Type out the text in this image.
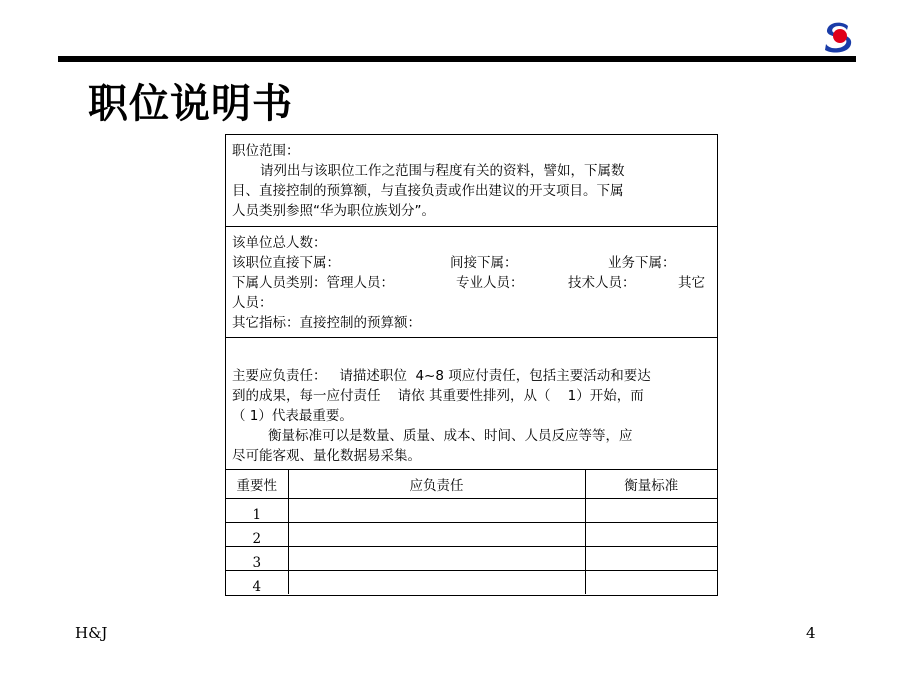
职位说明书
职位范围：
请列出与该职位工作之范围与程度有关的资料，譬如，下属数
目、直接控制的预算额，与直接负责或作出建议的开支项目。下属
人员类别参照“华为职位族划分”。
该单位总人数：
该职位直接下属：	间接下属：	业务下属：
下属人员类别：管理人员：	专业人员：	技术人员：	其它
人员：
其它指标：直接控制的预算额：
主要应负责任：   请描述职位  4~8 项应付责任，包括主要活动和要达
到的成果，每一应付责任    请依 其重要性排列，从（    1）开始，而
（ 1）代表最重要。
衡量标准可以是数量、质量、成本、时间、人员反应等等，应
尽可能客观、量化数据易采集。
重要性	应负责任	衡量标准
1		
2		
3		
4		
H&J	4
